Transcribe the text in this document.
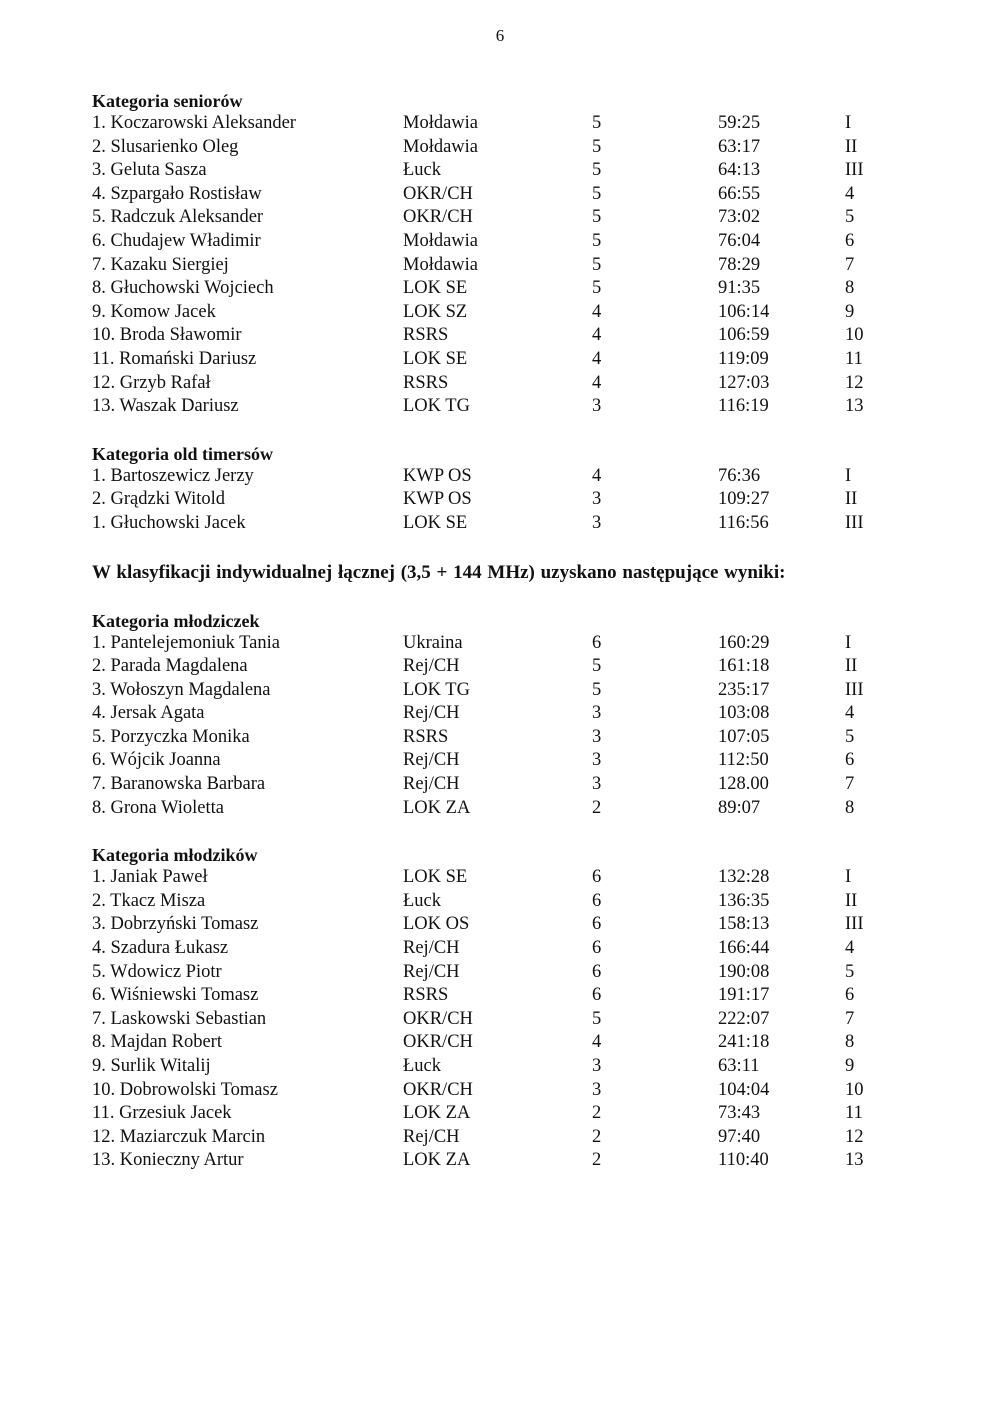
6
Kategoria seniorów
1. Koczarowski Aleksander	Mołdawia	5	59:25	I
2. Slusarienko Oleg	Mołdawia	5	63:17	II
3. Geluta Sasza	Łuck	5	64:13	III
4. Szpargało Rostisław	OKR/CH	5	66:55	4
5. Radczuk Aleksander	OKR/CH	5	73:02	5
6. Chudajew Władimir	Mołdawia	5	76:04	6
7. Kazaku Siergiej	Mołdawia	5	78:29	7
8. Głuchowski Wojciech	LOK SE	5	91:35	8
9. Komow Jacek	LOK SZ	4	106:14	9
10. Broda Sławomir	RSRS	4	106:59	10
11. Romański Dariusz	LOK SE	4	119:09	11
12. Grzyb Rafał	RSRS	4	127:03	12
13. Waszak Dariusz	LOK TG	3	116:19	13
Kategoria old timersów
1. Bartoszewicz Jerzy	KWP OS	4	76:36	I
2. Grądzki Witold	KWP OS	3	109:27	II
1. Głuchowski Jacek	LOK SE	3	116:56	III
W klasyfikacji indywidualnej łącznej (3,5 + 144 MHz) uzyskano następujące wyniki:
Kategoria młodziczek
1. Pantelejemoniuk Tania	Ukraina	6	160:29	I
2. Parada Magdalena	Rej/CH	5	161:18	II
3. Wołoszyn Magdalena	LOK TG	5	235:17	III
4. Jersak Agata	Rej/CH	3	103:08	4
5. Porzyczka Monika	RSRS	3	107:05	5
6. Wójcik Joanna	Rej/CH	3	112:50	6
7. Baranowska Barbara	Rej/CH	3	128.00	7
8. Grona Wioletta	LOK ZA	2	89:07	8
Kategoria młodzików
1. Janiak Paweł	LOK SE	6	132:28	I
2. Tkacz Misza	Łuck	6	136:35	II
3. Dobrzyński Tomasz	LOK OS	6	158:13	III
4. Szadura Łukasz	Rej/CH	6	166:44	4
5. Wdowicz Piotr	Rej/CH	6	190:08	5
6. Wiśniewski Tomasz	RSRS	6	191:17	6
7. Laskowski Sebastian	OKR/CH	5	222:07	7
8. Majdan Robert	OKR/CH	4	241:18	8
9. Surlik Witalij	Łuck	3	63:11	9
10. Dobrowolski Tomasz	OKR/CH	3	104:04	10
11. Grzesiuk Jacek	LOK ZA	2	73:43	11
12. Maziarczuk Marcin	Rej/CH	2	97:40	12
13. Konieczny Artur	LOK ZA	2	110:40	13
